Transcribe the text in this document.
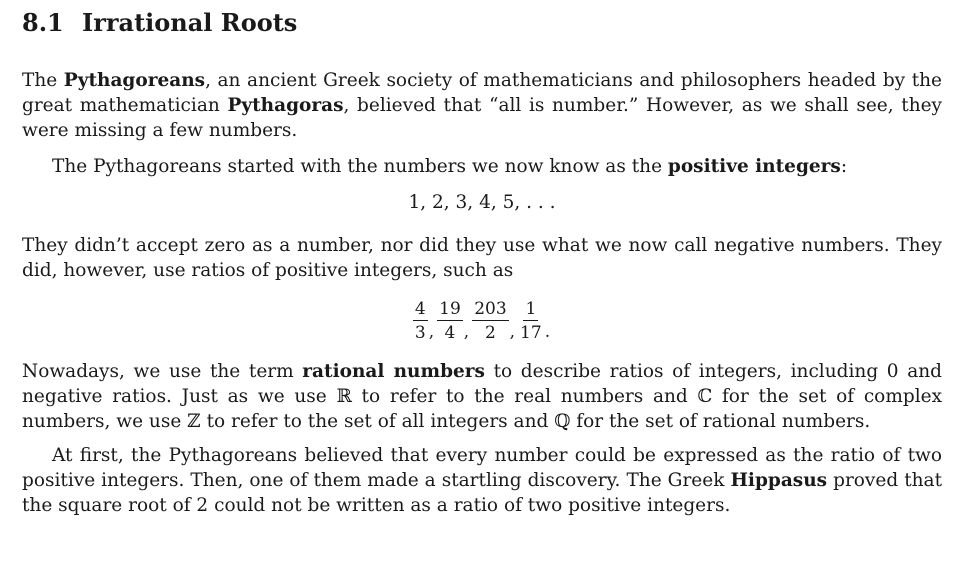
8.1 Irrational Roots

The Pythagoreans, an ancient Greek society of mathematicians and philosophers headed by the great mathematician Pythagoras, believed that “all is number.” However, as we shall see, they were missing a few numbers.

The Pythagoreans started with the numbers we now know as the positive integers:

1, 2, 3, 4, 5, . . .

They didn’t accept zero as a number, nor did they use what we now call negative numbers. They did, however, use ratios of positive integers, such as

$\frac{4}{3}$ , $\frac{19}{4}$ , $\frac{203}{2}$ , $\frac{1}{17}$ .

Nowadays, we use the term rational numbers to describe ratios of integers, including 0 and negative ratios. Just as we use ℝ to refer to the real numbers and ℂ for the set of complex numbers, we use ℤ to refer to the set of all integers and ℚ for the set of rational numbers.

At first, the Pythagoreans believed that every number could be expressed as the ratio of two positive integers. Then, one of them made a startling discovery. The Greek Hippasus proved that the square root of 2 could not be written as a ratio of two positive integers.
